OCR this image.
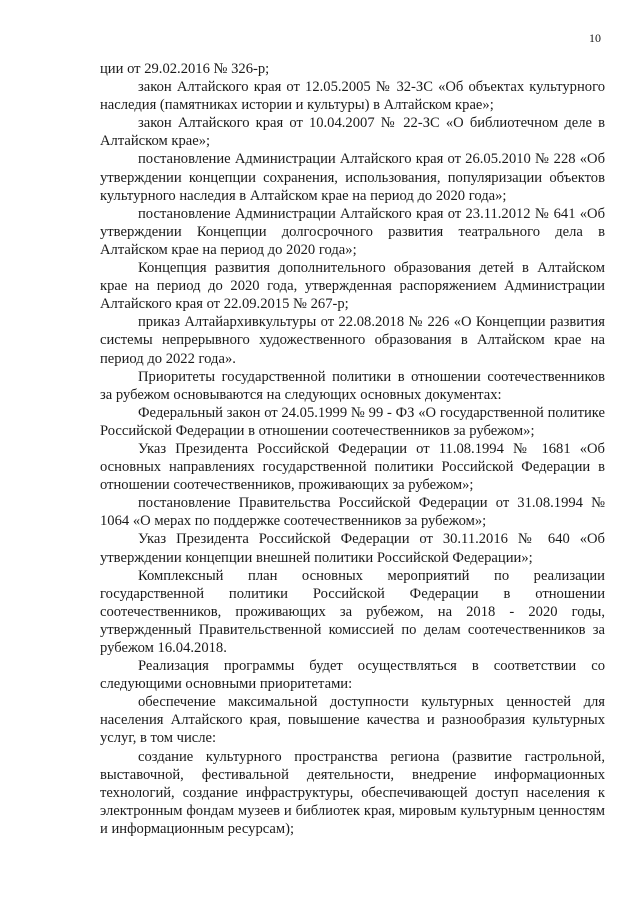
10

ции от 29.02.2016 № 326-р;

закон Алтайского края от 12.05.2005 № 32-ЗС «Об объектах культурного наследия (памятниках истории и культуры) в Алтайском крае»;

закон Алтайского края от 10.04.2007 № 22-ЗС «О библиотечном деле в Алтайском крае»;

постановление Администрации Алтайского края от 26.05.2010 № 228 «Об утверждении концепции сохранения, использования, популяризации объектов культурного наследия в Алтайском крае на период до 2020 года»;

постановление Администрации Алтайского края от 23.11.2012 № 641 «Об утверждении Концепции долгосрочного развития театрального дела в Алтайском крае на период до 2020 года»;

Концепция развития дополнительного образования детей в Алтайском крае на период до 2020 года, утвержденная распоряжением Администрации Алтайского края от 22.09.2015 № 267-р;

приказ Алтайархивкультуры от 22.08.2018 № 226 «О Концепции развития системы непрерывного художественного образования в Алтайском крае на период до 2022 года».

Приоритеты государственной политики в отношении соотечественников за рубежом основываются на следующих основных документах:

Федеральный закон от 24.05.1999 № 99 - ФЗ «О государственной политике Российской Федерации в отношении соотечественников за рубежом»;

Указ Президента Российской Федерации от 11.08.1994 № 1681 «Об основных направлениях государственной политики Российской Федерации в отношении соотечественников, проживающих за рубежом»;

постановление Правительства Российской Федерации от 31.08.1994 № 1064 «О мерах по поддержке соотечественников за рубежом»;

Указ Президента Российской Федерации от 30.11.2016 № 640 «Об утверждении концепции внешней политики Российской Федерации»;

Комплексный план основных мероприятий по реализации государственной политики Российской Федерации в отношении соотечественников, проживающих за рубежом, на 2018 - 2020 годы, утвержденный Правительственной комиссией по делам соотечественников за рубежом 16.04.2018.

Реализация программы будет осуществляться в соответствии со следующими основными приоритетами:

обеспечение максимальной доступности культурных ценностей для населения Алтайского края, повышение качества и разнообразия культурных услуг, в том числе:

создание культурного пространства региона (развитие гастрольной, выставочной, фестивальной деятельности, внедрение информационных технологий, создание инфраструктуры, обеспечивающей доступ населения к электронным фондам музеев и библиотек края, мировым культурным ценностям и информационным ресурсам);
